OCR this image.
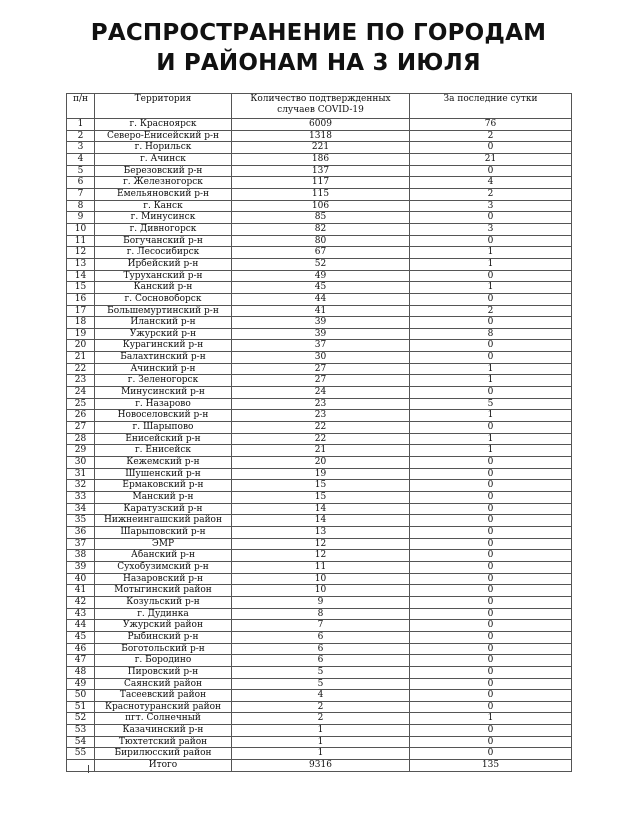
РАСПРОСТРАНЕНИЕ ПО ГОРОДАМ
И РАЙОНАМ НА 3 ИЮЛЯ
п/н	Территория	Количество подтвержденных случаев COVID-19	За последние сутки
1	г. Красноярск	6009	76
2	Северо-Енисейский р-н	1318	2
3	г. Норильск	221	0
4	г. Ачинск	186	21
5	Березовский р-н	137	0
6	г. Железногорск	117	4
7	Емельяновский р-н	115	2
8	г. Канск	106	3
9	г. Минусинск	85	0
10	г. Дивногорск	82	3
11	Богучанский р-н	80	0
12	г. Лесосибирск	67	1
13	Ирбейский р-н	52	1
14	Туруханский р-н	49	0
15	Канский р-н	45	1
16	г. Сосновоборск	44	0
17	Большемуртинский р-н	41	2
18	Иланский р-н	39	0
19	Ужурский р-н	39	8
20	Курагинский р-н	37	0
21	Балахтинский р-н	30	0
22	Ачинский р-н	27	1
23	г. Зеленогорск	27	1
24	Минусинский р-н	24	0
25	г. Назарово	23	5
26	Новоселовский р-н	23	1
27	г. Шарыпово	22	0
28	Енисейский р-н	22	1
29	г. Енисейск	21	1
30	Кежемский р-н	20	0
31	Шушенский р-н	19	0
32	Ермаковский р-н	15	0
33	Манский р-н	15	0
34	Каратузский р-н	14	0
35	Нижнеингашский район	14	0
36	Шарыповский р-н	13	0
37	ЭМР	12	0
38	Абанский р-н	12	0
39	Сухобузимский р-н	11	0
40	Назаровский р-н	10	0
41	Мотыгинский район	10	0
42	Козульский р-н	9	0
43	г. Дудинка	8	0
44	Ужурский район	7	0
45	Рыбинский р-н	6	0
46	Боготольский р-н	6	0
47	г. Бородино	6	0
48	Пировский р-н	5	0
49	Саянский район	5	0
50	Тасеевский район	4	0
51	Краснотуранский район	2	0
52	пгт. Солнечный	2	1
53	Казачинский р-н	1	0
54	Тюхтетский район	1	0
55	Бирилюсский район	1	0
	Итого	9316	135
